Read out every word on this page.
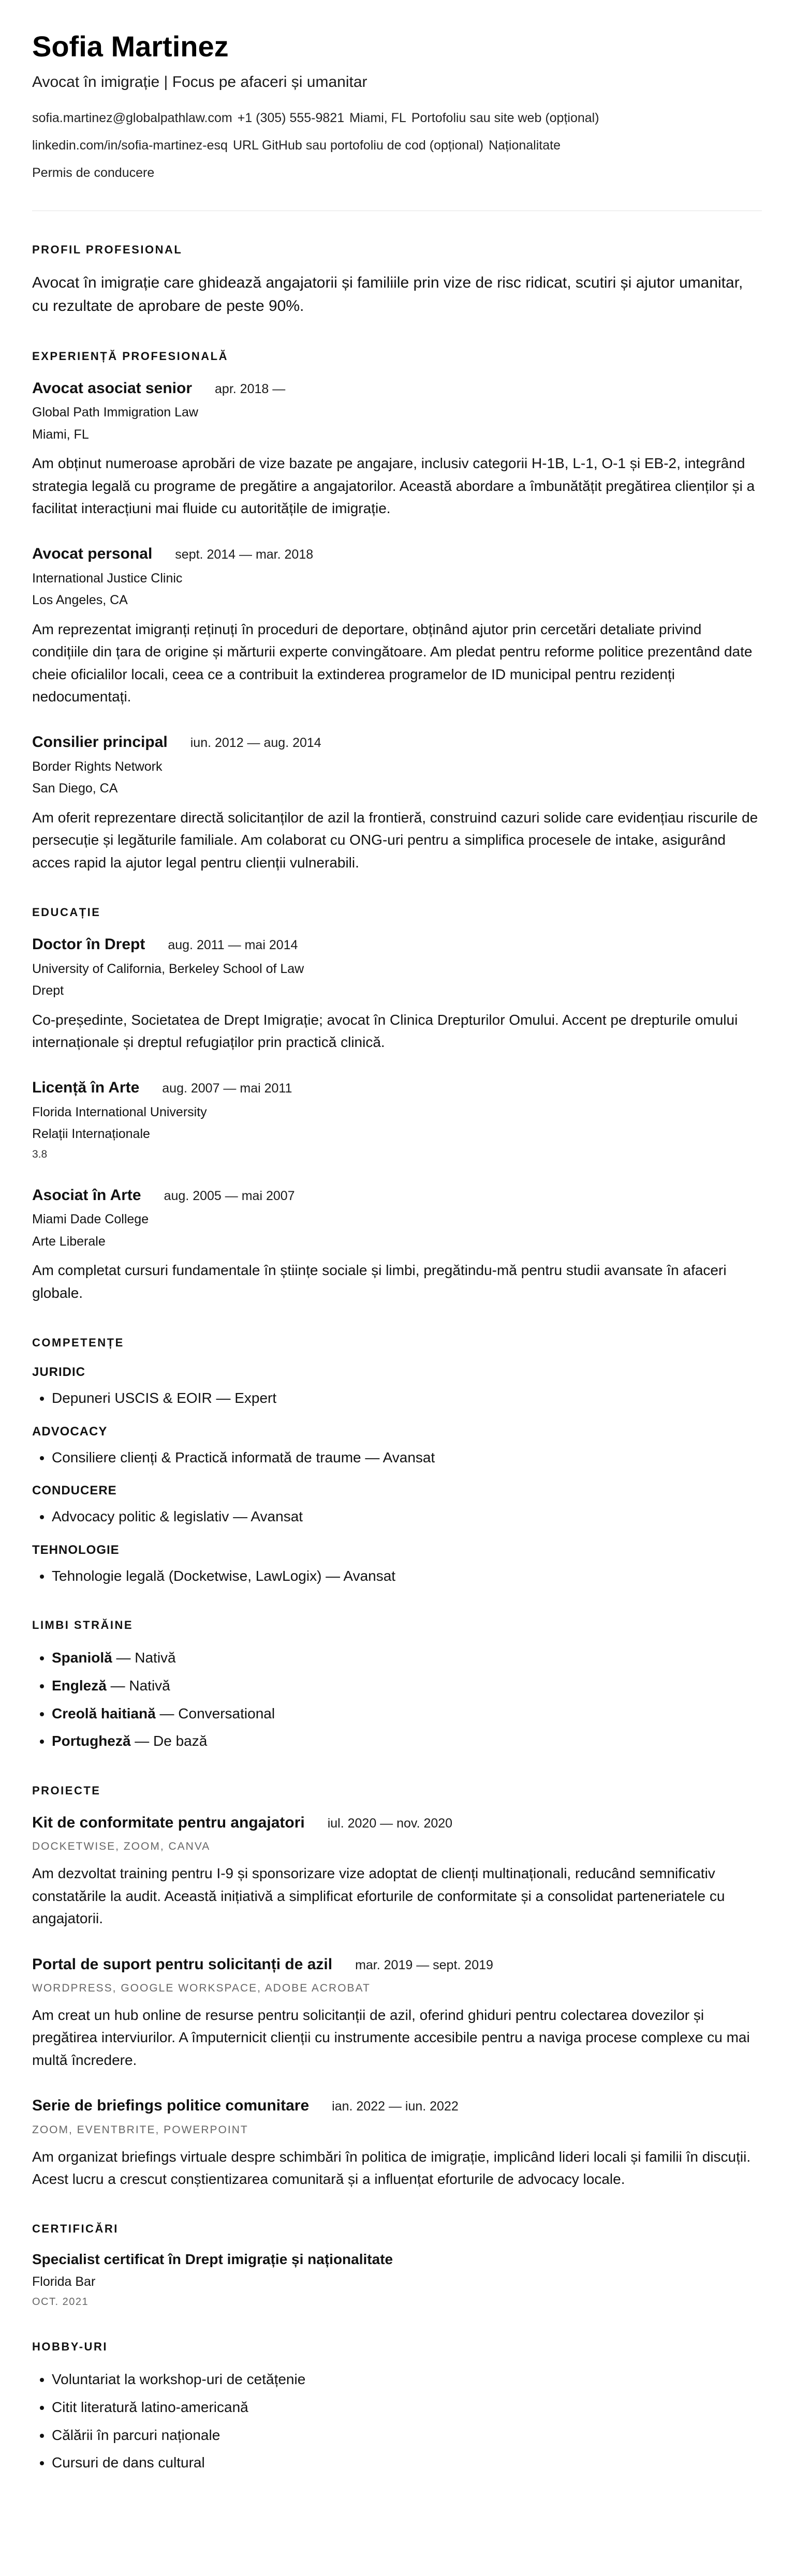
Sofia Martinez
Avocat în imigrație | Focus pe afaceri și umanitar
sofia.martinez@globalpathlaw.com +1 (305) 555-9821 Miami, FL Portofoliu sau site web (opțional)
linkedin.com/in/sofia-martinez-esq URL GitHub sau portofoliu de cod (opțional) Naționalitate
Permis de conducere
PROFIL PROFESIONAL

Avocat în imigrație care ghidează angajatorii și familiile prin vize de risc ridicat, scutiri și ajutor umanitar, cu rezultate de aprobare de peste 90%.

EXPERIENȚĂ PROFESIONALĂ
Avocat asociat senior apr. 2018 —
Global Path Immigration Law
Miami, FL

Am obținut numeroase aprobări de vize bazate pe angajare, inclusiv categorii H-1B, L-1, O-1 și EB-2, integrând strategia legală cu programe de pregătire a angajatorilor. Această abordare a îmbunătățit pregătirea clienților și a facilitat interacțiuni mai fluide cu autoritățile de imigrație.

Avocat personal sept. 2014 — mar. 2018
International Justice Clinic
Los Angeles, CA

Am reprezentat imigranți reținuți în proceduri de deportare, obținând ajutor prin cercetări detaliate privind condițiile din țara de origine și mărturii experte convingătoare. Am pledat pentru reforme politice prezentând date cheie oficialilor locali, ceea ce a contribuit la extinderea programelor de ID municipal pentru rezidenți nedocumentați.

Consilier principal iun. 2012 — aug. 2014
Border Rights Network
San Diego, CA

Am oferit reprezentare directă solicitanților de azil la frontieră, construind cazuri solide care evidențiau riscurile de persecuție și legăturile familiale. Am colaborat cu ONG-uri pentru a simplifica procesele de intake, asigurând acces rapid la ajutor legal pentru clienții vulnerabili.

EDUCAȚIE
Doctor în Drept aug. 2011 — mai 2014
University of California, Berkeley School of Law
Drept

Co-președinte, Societatea de Drept Imigrație; avocat în Clinica Drepturilor Omului. Accent pe drepturile omului internaționale și dreptul refugiaților prin practică clinică.

Licență în Arte aug. 2007 — mai 2011
Florida International University
Relații Internaționale
3.8
Asociat în Arte aug. 2005 — mai 2007
Miami Dade College
Arte Liberale

Am completat cursuri fundamentale în științe sociale și limbi, pregătindu-mă pentru studii avansate în afaceri globale.

COMPETENȚE
JURIDIC
• Depuneri USCIS & EOIR — Expert
ADVOCACY
• Consiliere clienți & Practică informată de traume — Avansat
CONDUCERE
• Advocacy politic & legislativ — Avansat
TEHNOLOGIE
• Tehnologie legală (Docketwise, LawLogix) — Avansat
LIMBI STRĂINE
• Spaniolă — Nativă
• Engleză — Nativă
• Creolă haitiană — Conversational
• Portugheză — De bază
PROIECTE
Kit de conformitate pentru angajatori iul. 2020 — nov. 2020
DOCKETWISE, ZOOM, CANVA

Am dezvoltat training pentru I-9 și sponsorizare vize adoptat de clienți multinaționali, reducând semnificativ constatările la audit. Această inițiativă a simplificat eforturile de conformitate și a consolidat parteneriatele cu angajatorii.

Portal de suport pentru solicitanți de azil mar. 2019 — sept. 2019
WORDPRESS, GOOGLE WORKSPACE, ADOBE ACROBAT

Am creat un hub online de resurse pentru solicitanții de azil, oferind ghiduri pentru colectarea dovezilor și pregătirea interviurilor. A împuternicit clienții cu instrumente accesibile pentru a naviga procese complexe cu mai multă încredere.

Serie de briefings politice comunitare ian. 2022 — iun. 2022
ZOOM, EVENTBRITE, POWERPOINT

Am organizat briefings virtuale despre schimbări în politica de imigrație, implicând lideri locali și familii în discuții. Acest lucru a crescut conștientizarea comunitară și a influențat eforturile de advocacy locale.

CERTIFICĂRI
Specialist certificat în Drept imigrație și naționalitate
Florida Bar
OCT. 2021
HOBBY-URI
• Voluntariat la workshop-uri de cetățenie
• Citit literatură latino-americană
• Călării în parcuri naționale
• Cursuri de dans cultural
